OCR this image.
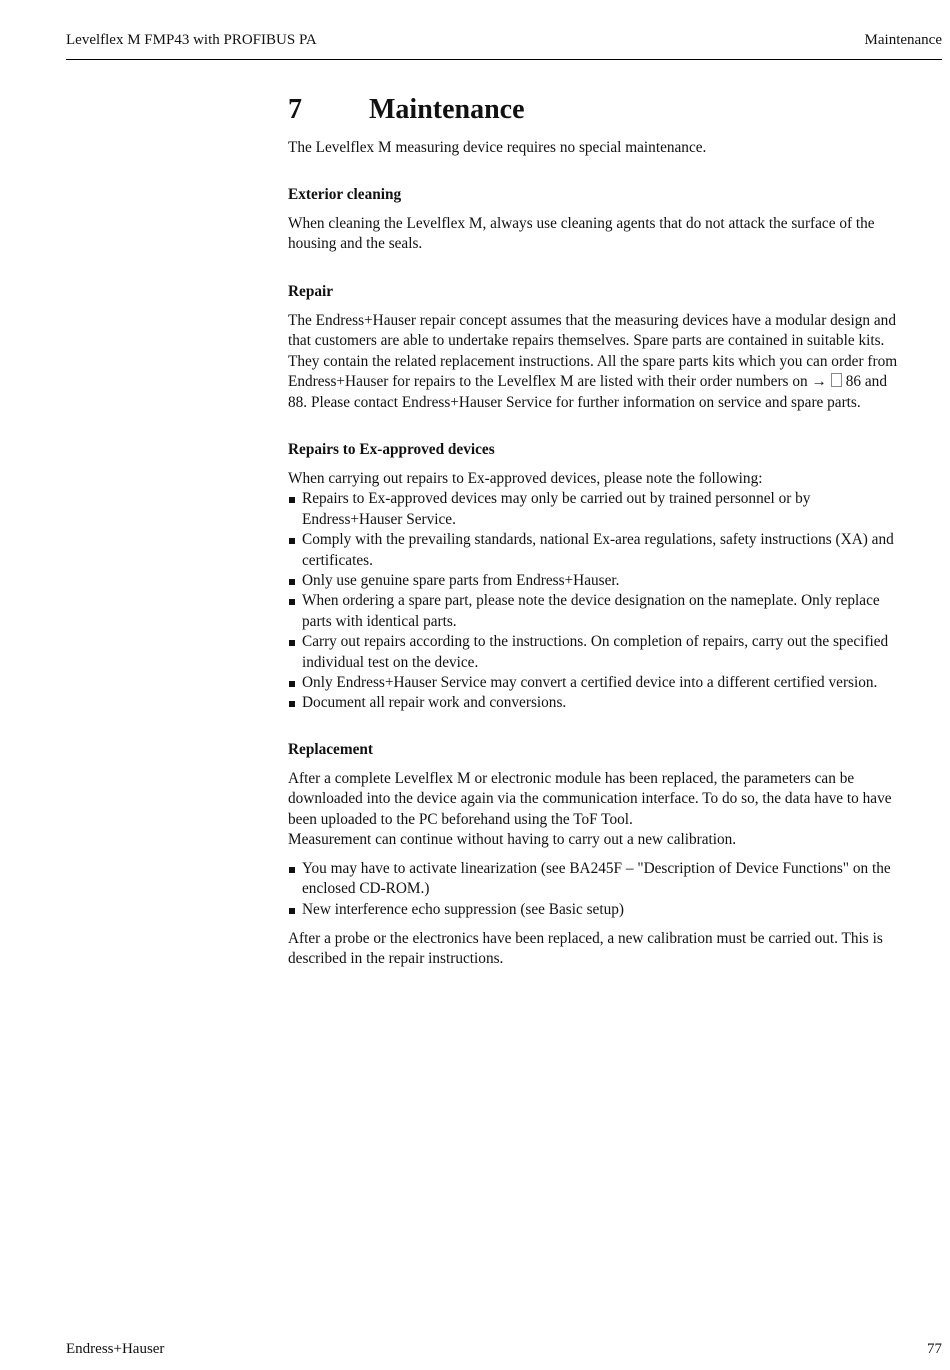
Levelflex M FMP43 with PROFIBUS PA	Maintenance
7 Maintenance
The Levelflex M measuring device requires no special maintenance.
Exterior cleaning
When cleaning the Levelflex M, always use cleaning agents that do not attack the surface of the
housing and the seals.
Repair
The Endress+Hauser repair concept assumes that the measuring devices have a modular design and
that customers are able to undertake repairs themselves. Spare parts are contained in suitable kits.
They contain the related replacement instructions. All the spare parts kits which you can order from
Endress+Hauser for repairs to the Levelflex M are listed with their order numbers on → 86 and
88. Please contact Endress+Hauser Service for further information on service and spare parts.
Repairs to Ex-approved devices
When carrying out repairs to Ex-approved devices, please note the following:
Repairs to Ex-approved devices may only be carried out by trained personnel or by
Endress+Hauser Service.
Comply with the prevailing standards, national Ex-area regulations, safety instructions (XA) and
certificates.
Only use genuine spare parts from Endress+Hauser.
When ordering a spare part, please note the device designation on the nameplate. Only replace
parts with identical parts.
Carry out repairs according to the instructions. On completion of repairs, carry out the specified
individual test on the device.
Only Endress+Hauser Service may convert a certified device into a different certified version.
Document all repair work and conversions.
Replacement
After a complete Levelflex M or electronic module has been replaced, the parameters can be
downloaded into the device again via the communication interface. To do so, the data have to have
been uploaded to the PC beforehand using the ToF Tool.
Measurement can continue without having to carry out a new calibration.
You may have to activate linearization (see BA245F – "Description of Device Functions" on the
enclosed CD-ROM.)
New interference echo suppression (see Basic setup)
After a probe or the electronics have been replaced, a new calibration must be carried out. This is
described in the repair instructions.
Endress+Hauser	77
